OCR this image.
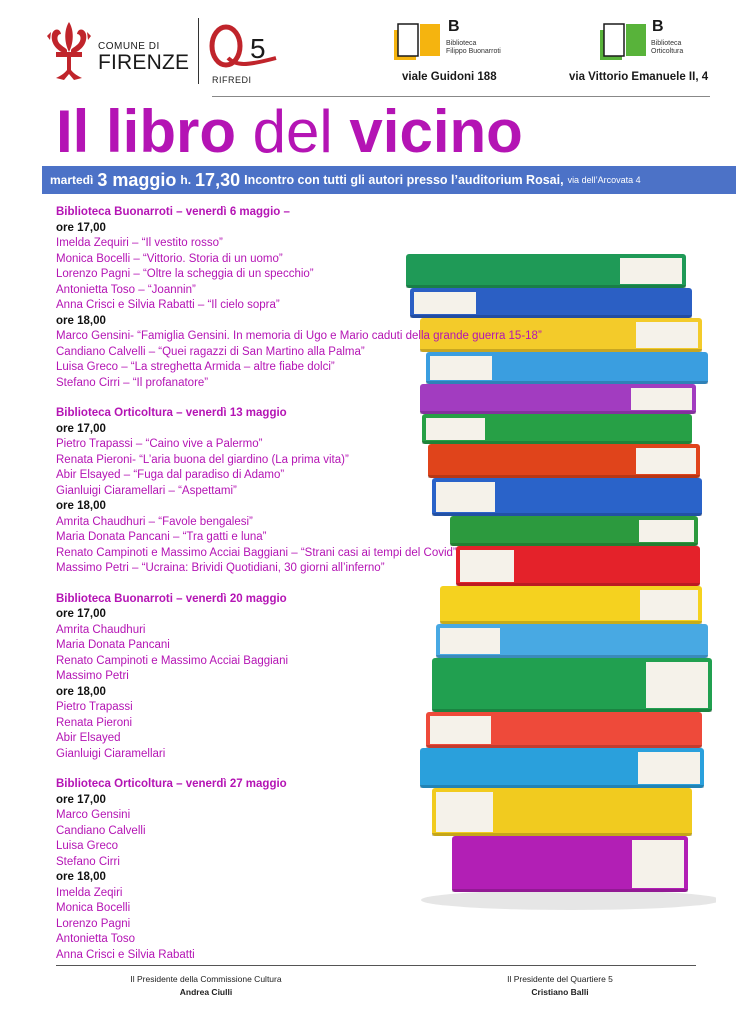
COMUNE DI
FIRENZE 5
RIFREDI
B
Biblioteca
Filippo Buonarroti
viale Guidoni 188
B
Biblioteca
Orticoltura
via Vittorio Emanuele II, 4
Il libro del vicino
martedì 3 maggio h. 17,30 Incontro con tutti gli autori presso l’auditorium Rosai, via dell’Arcovata 4
Biblioteca Buonarroti – venerdì 6 maggio –
ore 17,00
Imelda Zequiri – “Il vestito rosso”
Monica Bocelli – “Vittorio. Storia di un uomo”
Lorenzo Pagni – “Oltre la scheggia di un specchio”
Antonietta Toso – “Joannin”
Anna Crisci e Silvia Rabatti – “Il cielo sopra”
ore 18,00
Marco Gensini- “Famiglia Gensini. In memoria di Ugo e Mario caduti della grande guerra 15-18”
Candiano Calvelli – “Quei ragazzi di San Martino alla Palma”
Luisa Greco – “La streghetta Armida – altre fiabe dolci”
Stefano Cirri – “Il profanatore”
Biblioteca Orticoltura – venerdì 13 maggio
ore 17,00
Pietro Trapassi – “Caino vive a Palermo”
Renata Pieroni- “L’aria buona del giardino (La prima vita)”
Abir Elsayed – “Fuga dal paradiso di Adamo”
Gianluigi Ciaramellari – “Aspettami”
ore 18,00
Amrita Chaudhuri – “Favole bengalesi”
Maria Donata Pancani – “Tra gatti e luna”
Renato Campinoti e Massimo Acciai Baggiani – “Strani casi ai tempi del Covid”
Massimo Petri – “Ucraina: Brividi Quotidiani, 30 giorni all’inferno”
Biblioteca Buonarroti – venerdì 20 maggio
ore 17,00
Amrita Chaudhuri
Maria Donata Pancani
Renato Campinoti e Massimo Acciai Baggiani
Massimo Petri
ore 18,00
Pietro Trapassi
Renata Pieroni
Abir Elsayed
Gianluigi Ciaramellari
Biblioteca Orticoltura – venerdì 27 maggio
ore 17,00
Marco Gensini
Candiano Calvelli
Luisa Greco
Stefano Cirri
ore 18,00
Imelda Zeqiri
Monica Bocelli
Lorenzo Pagni
Antonietta Toso
Anna Crisci e Silvia Rabatti
Il Presidente della Commissione Cultura
Andrea Ciulli
Il Presidente del Quartiere 5
Cristiano Balli
